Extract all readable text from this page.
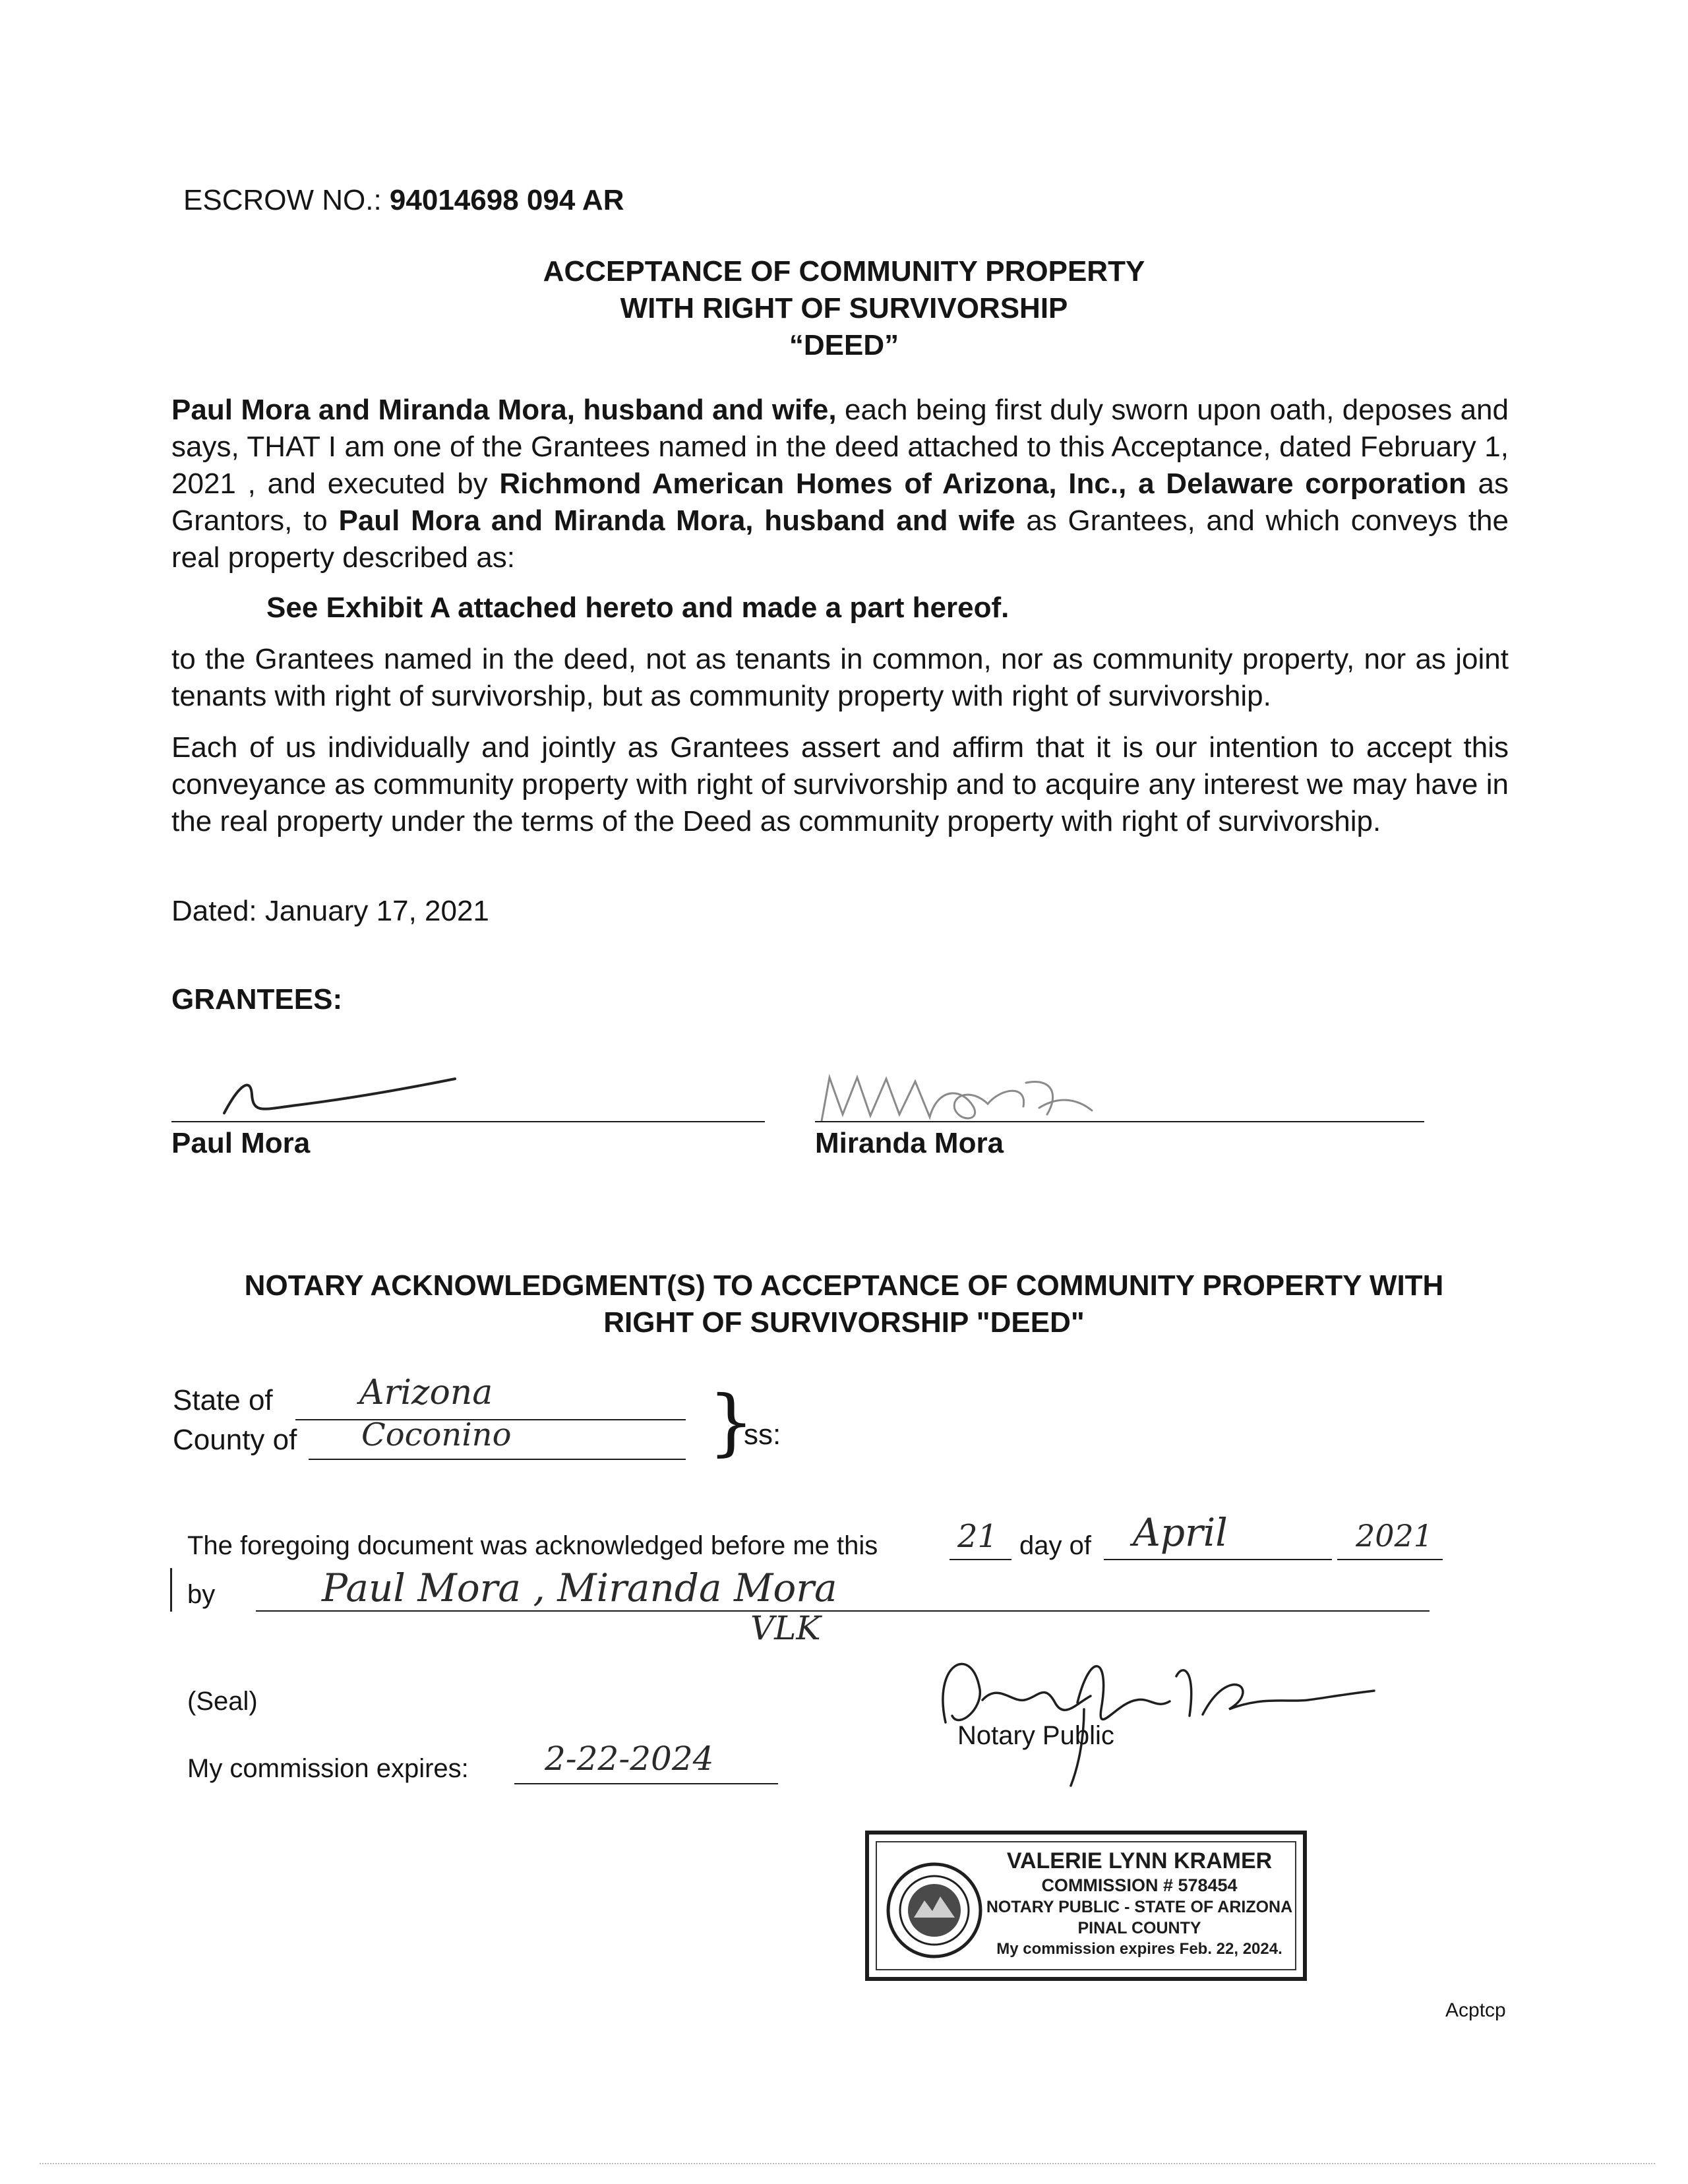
ESCROW NO.: 94014698 094 AR
ACCEPTANCE OF COMMUNITY PROPERTY
WITH RIGHT OF SURVIVORSHIP
“DEED”
Paul Mora and Miranda Mora, husband and wife, each being first duly sworn upon oath, deposes and says, THAT I am one of the Grantees named in the deed attached to this Acceptance, dated February 1, 2021 , and executed by Richmond American Homes of Arizona, Inc., a Delaware corporation as Grantors, to Paul Mora and Miranda Mora, husband and wife as Grantees, and which conveys the real property described as:
See Exhibit A attached hereto and made a part hereof.
to the Grantees named in the deed, not as tenants in common, nor as community property, nor as joint tenants with right of survivorship, but as community property with right of survivorship.
Each of us individually and jointly as Grantees assert and affirm that it is our intention to accept this conveyance as community property with right of survivorship and to acquire any interest we may have in the real property under the terms of the Deed as community property with right of survivorship.
Dated: January 17, 2021
GRANTEES:
Paul Mora	Miranda Mora
NOTARY ACKNOWLEDGMENT(S) TO ACCEPTANCE OF COMMUNITY PROPERTY WITH
RIGHT OF SURVIVORSHIP "DEED"
State of	Arizona
County of Coconino	}
ss:
The foregoing document was acknowledged before me this	21 day of April	2021
by	Paul Mora , Miranda Mora
VLK
(Seal)
Notary Public
My commission expires: 2-22-2024
VALERIE LYNN KRAMER
COMMISSION # 578454
NOTARY PUBLIC - STATE OF ARIZONA
PINAL COUNTY
My commission expires Feb. 22, 2024.
Acptcp
